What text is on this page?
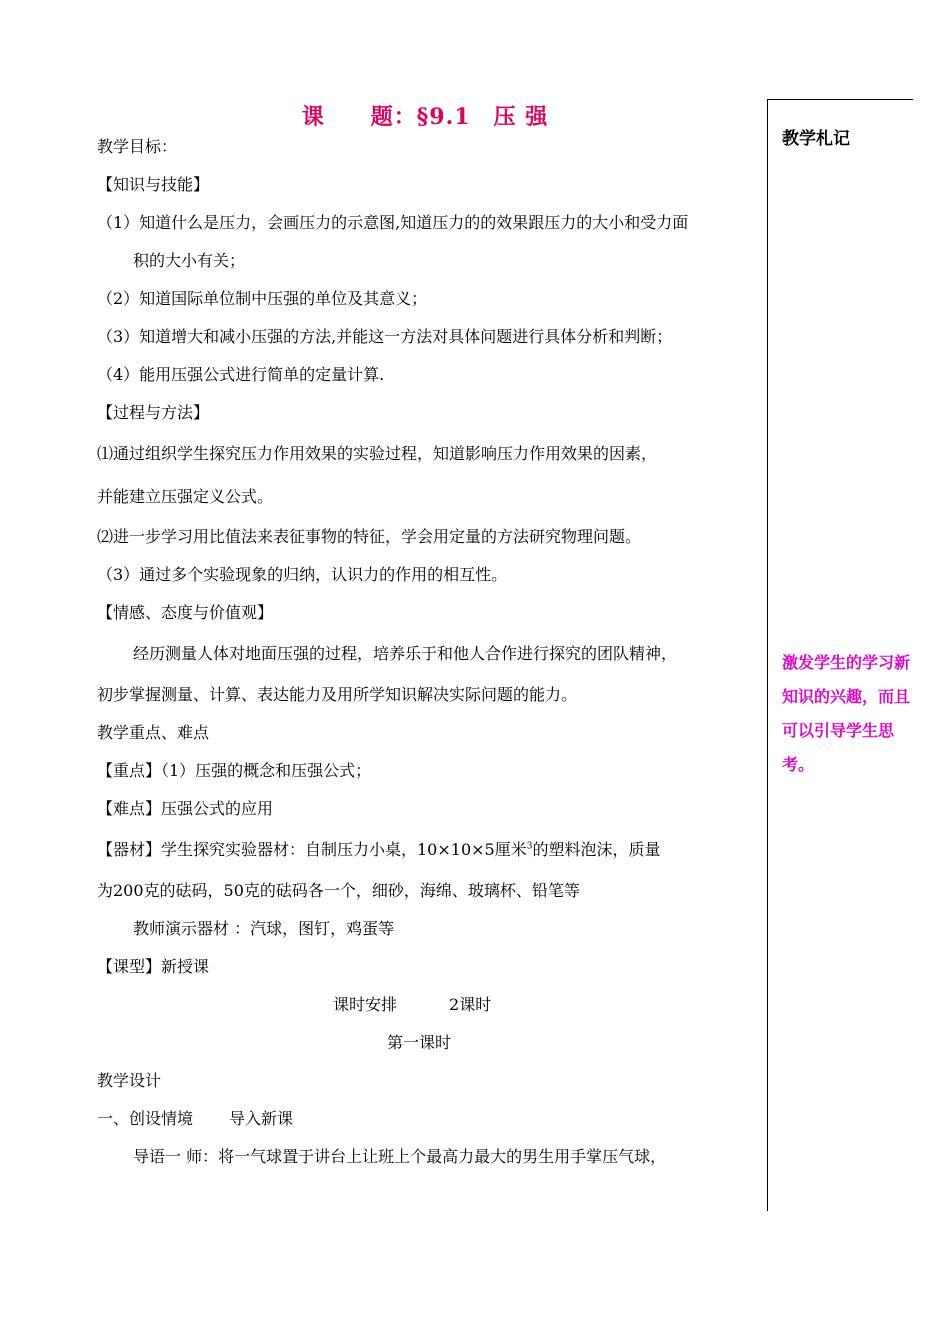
课 题：§9.1　压 强
教学目标：
【知识与技能】
（1）知道什么是压力，会画压力的示意图,知道压力的的效果跟压力的大小和受力面
积的大小有关；
（2）知道国际单位制中压强的单位及其意义；
（3）知道增大和减小压强的方法,并能这一方法对具体问题进行具体分析和判断；
（4）能用压强公式进行简单的定量计算.
【过程与方法】
⑴通过组织学生探究压力作用效果的实验过程，知道影响压力作用效果的因素，
并能建立压强定义公式。
⑵进一步学习用比值法来表征事物的特征，学会用定量的方法研究物理问题。
（3）通过多个实验现象的归纳，认识力的作用的相互性。
【情感、态度与价值观】
经历测量人体对地面压强的过程，培养乐于和他人合作进行探究的团队精神，
初步掌握测量、计算、表达能力及用所学知识解决实际问题的能力。
教学重点、难点
【重点】（1）压强的概念和压强公式；
【难点】压强公式的应用
【器材】学生探究实验器材：自制压力小桌，10×10×5厘米$^3$的塑料泡沫，质量
为200克的砝码，50克的砝码各一个，细砂，海绵、玻璃杯、铅笔等
教师演示器材 ：汽球，图钉，鸡蛋等
【课型】新授课
课时安排	2课时
第一课时
教学设计
一、创设情境 导入新课
导语一 师：将一气球置于讲台上让班上个最高力最大的男生用手掌压气球，
教学札记
激发学生的学习新知识的兴趣，而且可以引导学生思考。
